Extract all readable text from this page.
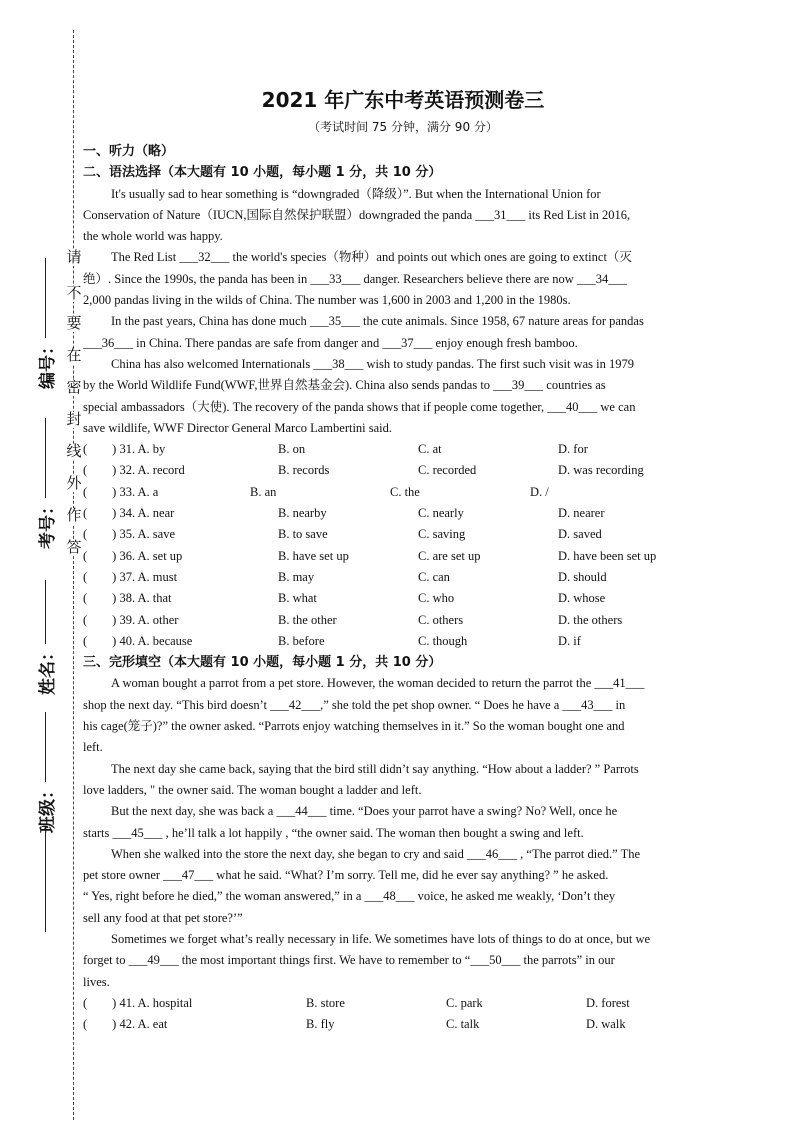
请
不
要
在
密
封
线
外
作
答
编号：
考号：
姓名：
班级：
2021 年广东中考英语预测卷三
（考试时间 75 分钟，满分 90 分）

一、听力（略）

二、语法选择（本大题有 10 小题，每小题 1 分，共 10 分）

It's usually sad to hear something is “downgraded（降级）”. But when the International Union for

Conservation of Nature（IUCN,国际自然保护联盟）downgraded the panda ___31___ its Red List in 2016,

the whole world was happy.

The Red List ___32___ the world's species（物种）and points out which ones are going to extinct（灭

绝）. Since the 1990s, the panda has been in ___33___ danger. Researchers believe there are now ___34___

2,000 pandas living in the wilds of China. The number was 1,600 in 2003 and 1,200 in the 1980s.

In the past years, China has done much ___35___ the cute animals. Since 1958, 67 nature areas for pandas

___36___ in China. There pandas are safe from danger and ___37___ enjoy enough fresh bamboo.

China has also welcomed Internationals ___38___ wish to study pandas. The first such visit was in 1979

by the World Wildlife Fund(WWF,世界自然基金会). China also sends pandas to ___39___ countries as

special ambassadors（大使). The recovery of the panda shows that if people come together, ___40___ we can

save wildlife, WWF Director General Marco Lambertini said.

(　　) 31. A. by	B. on	C. at	D. for
(　　) 32. A. record	B. records	C. recorded	D. was recording
(　　) 33. A. a	B. an	C. the	D. /
(　　) 34. A. near	B. nearby	C. nearly	D. nearer
(　　) 35. A. save	B. to save	C. saving	D. saved
(　　) 36. A. set up	B. have set up	C. are set up	D. have been set up
(　　) 37. A. must	B. may	C. can	D. should
(　　) 38. A. that	B. what	C. who	D. whose
(　　) 39. A. other	B. the other	C. others	D. the others
(　　) 40. A. because	B. before	C. though	D. if

三、完形填空（本大题有 10 小题，每小题 1 分，共 10 分）

A woman bought a parrot from a pet store. However, the woman decided to return the parrot the ___41___

shop the next day. “This bird doesn’t ___42___,” she told the pet shop owner. “ Does he have a ___43___ in

his cage(笼子)?” the owner asked. “Parrots enjoy watching themselves in it.” So the woman bought one and

left.

The next day she came back, saying that the bird still didn’t say anything. “How about a ladder? ” Parrots

love ladders, " the owner said. The woman bought a ladder and left.

But the next day, she was back a ___44___ time. “Does your parrot have a swing? No? Well, once he

starts ___45___ , he’ll talk a lot happily , “the owner said. The woman then bought a swing and left.

When she walked into the store the next day, she began to cry and said ___46___ , “The parrot died.” The

pet store owner ___47___ what he said. “What? I’m sorry. Tell me, did he ever say anything? ” he asked.

“ Yes, right before he died,” the woman answered,” in a ___48___ voice, he asked me weakly, ‘Don’t they

sell any food at that pet store?’”

Sometimes we forget what’s really necessary in life. We sometimes have lots of things to do at once, but we

forget to ___49___ the most important things first. We have to remember to “___50___ the parrots” in our

lives.

(　　) 41. A. hospital	B. store	C. park	D. forest
(　　) 42. A. eat	B. fly	C. talk	D. walk
